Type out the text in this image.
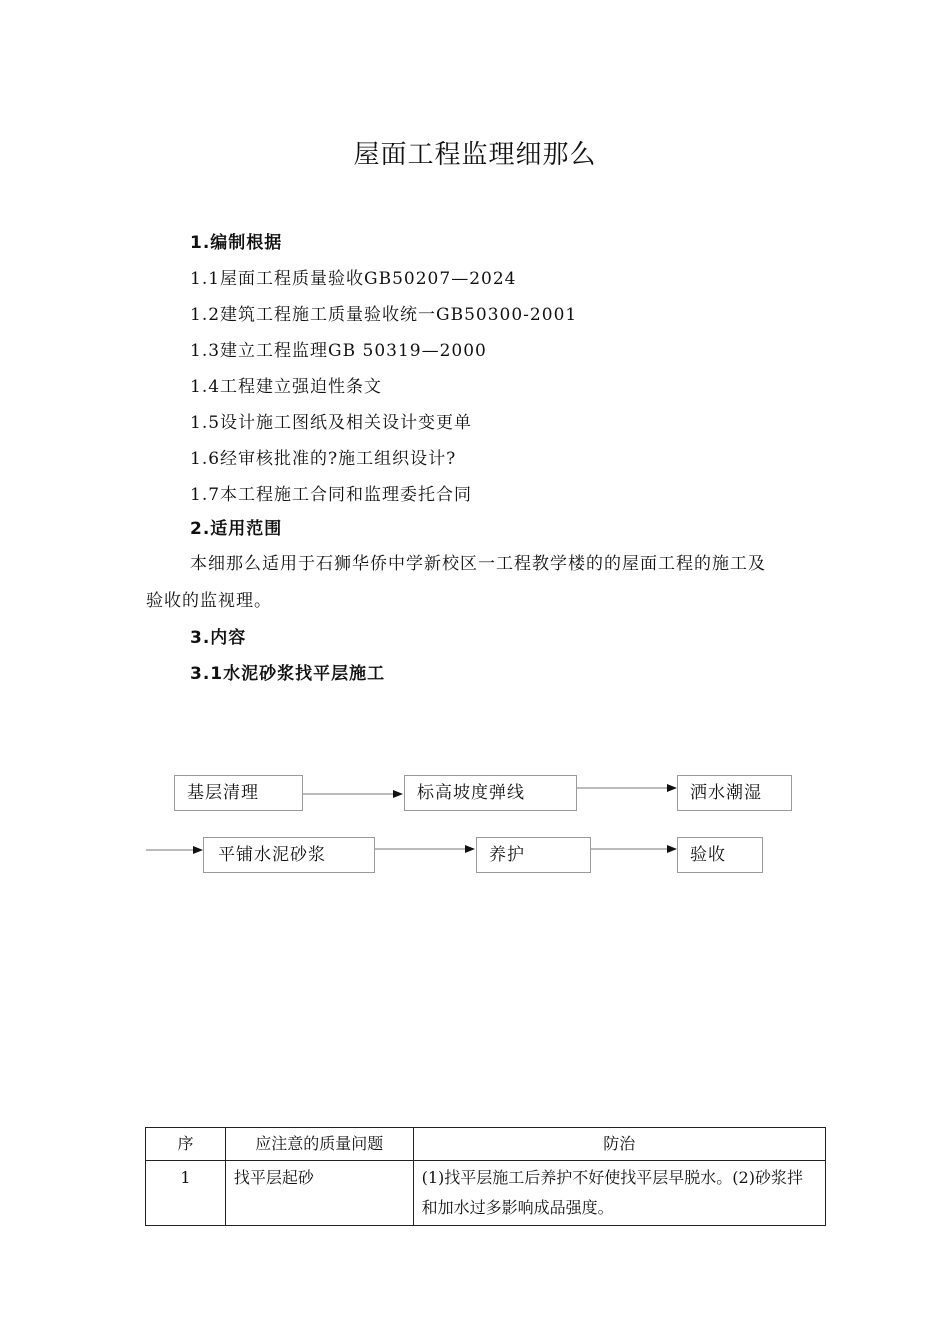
屋面工程监理细那么
1.编制根据
1.1屋面工程质量验收GB50207—2024
1.2建筑工程施工质量验收统一GB50300-2001
1.3建立工程监理GB 50319—2000
1.4工程建立强迫性条文
1.5设计施工图纸及相关设计变更单
1.6经审核批准的?施工组织设计?
1.7本工程施工合同和监理委托合同
2.适用范围
本细那么适用于石狮华侨中学新校区一工程教学楼的的屋面工程的施工及
验收的监视理。
3.内容
3.1水泥砂浆找平层施工
基层清理	标高坡度弹线	洒水潮湿
平铺水泥砂浆	养护	验收
序	应注意的质量问题	防治
1	找平层起砂	(1)找平层施工后养护不好使找平层早脱水。(2)砂浆拌和加水过多影响成品强度。
